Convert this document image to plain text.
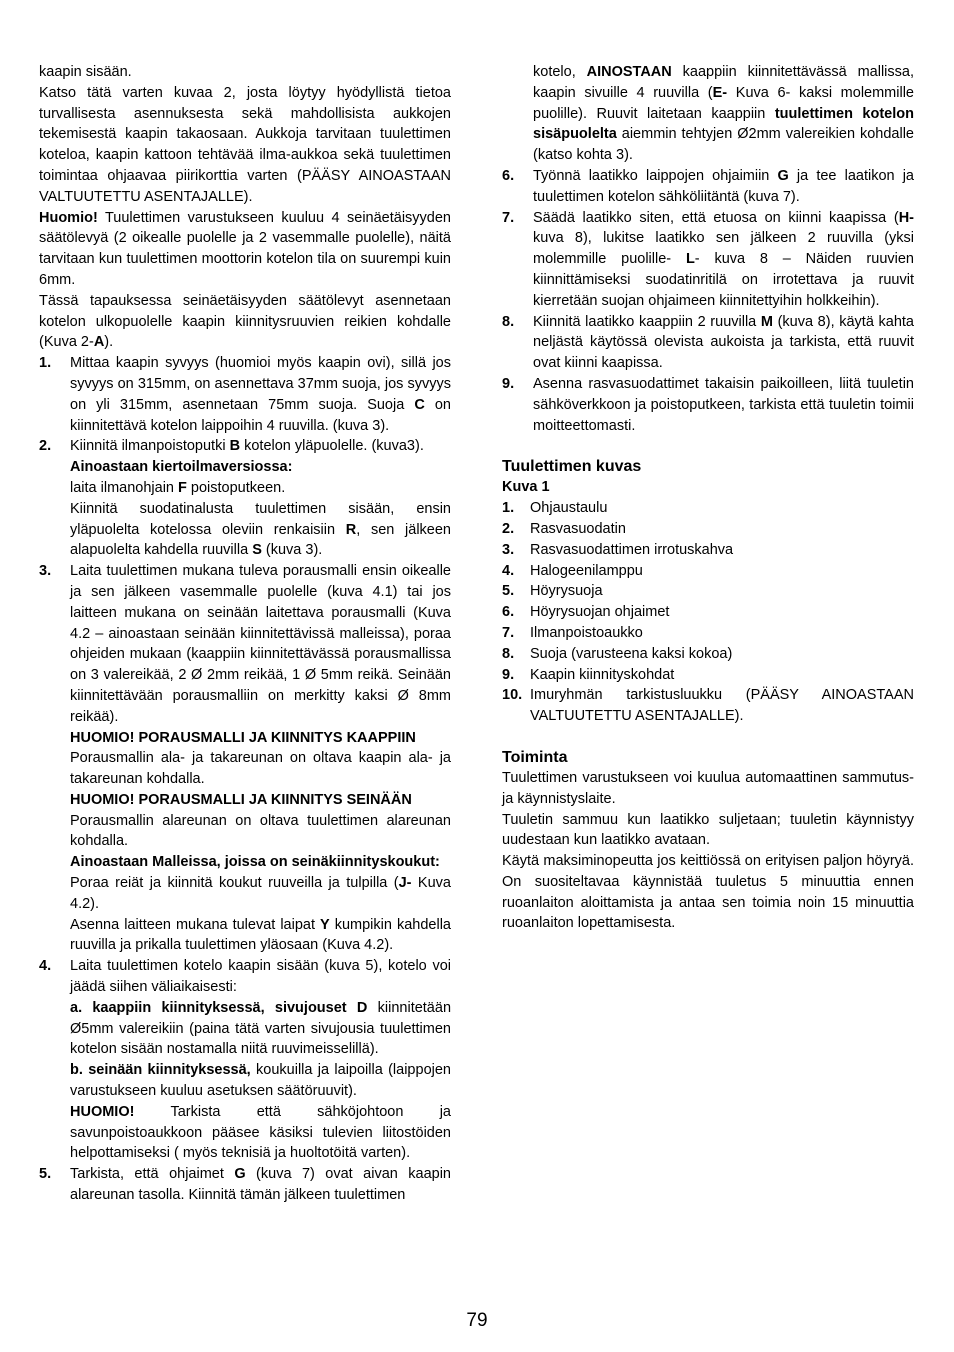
kaapin sisään.

Katso tätä varten kuvaa 2, josta löytyy hyödyllistä tietoa turvallisesta asennuksesta sekä mahdollisista aukkojen tekemisestä kaapin takaosaan. Aukkoja tarvitaan tuulettimen koteloa, kaapin kattoon tehtävää ilma-aukkoa sekä tuulettimen toimintaa ohjaavaa piirikorttia varten (PÄÄSY AINOASTAAN VALTUUTETTU ASENTAJALLE).

Huomio! Tuulettimen varustukseen kuuluu 4 seinäetäisyyden säätölevyä (2 oikealle puolelle ja 2 vasemmalle puolelle), näitä tarvitaan kun tuulettimen moottorin kotelon tila on suurempi kuin 6mm.

Tässä tapauksessa seinäetäisyyden säätölevyt asennetaan kotelon ulkopuolelle kaapin kiinnitysruuvien reikien kohdalle (Kuva 2-A).

1.	Mittaa kaapin syvyys (huomioi myös kaapin ovi), sillä jos syvyys on 315mm, on asennettava 37mm suoja, jos syvyys on yli 315mm, asennetaan 75mm suoja. Suoja C on kiinnitettävä kotelon laippoihin 4 ruuvilla. (kuva 3).

2.	Kiinnitä ilmanpoistoputki B kotelon yläpuolelle. (kuva3).

Ainoastaan kiertoilmaversiossa:

laita ilmanohjain F poistoputkeen.

Kiinnitä suodatinalusta tuulettimen sisään, ensin yläpuolelta kotelossa oleviin renkaisiin R, sen jälkeen alapuolelta kahdella ruuvilla S (kuva 3).

3.	Laita tuulettimen mukana tuleva porausmalli ensin oikealle ja sen jälkeen vasemmalle puolelle (kuva 4.1) tai jos laitteen mukana on seinään laitettava porausmalli (Kuva 4.2 – ainoastaan seinään kiinnitettävissä malleissa), poraa ohjeiden mukaan (kaappiin kiinnitettävässä porausmallissa on 3 valereikää, 2 Ø 2mm reikää, 1 Ø 5mm reikä. Seinään kiinnitettävään porausmalliin on merkitty kaksi Ø 8mm reikää).

HUOMIO! PORAUSMALLI JA KIINNITYS KAAPPIIN

Porausmallin ala- ja takareunan on oltava kaapin ala- ja takareunan kohdalla.

HUOMIO! PORAUSMALLI JA KIINNITYS SEINÄÄN

Porausmallin alareunan on oltava tuulettimen alareunan kohdalla.

Ainoastaan Malleissa, joissa on seinäkiinnityskoukut:

Poraa reiät ja kiinnitä koukut ruuveilla ja tulpilla (J- Kuva 4.2).

Asenna laitteen mukana tulevat laipat Y kumpikin kahdella ruuvilla ja prikalla tuulettimen yläosaan (Kuva 4.2).

4.	Laita tuulettimen kotelo kaapin sisään (kuva 5), kotelo voi jäädä siihen väliaikaisesti:

a. kaappiin kiinnityksessä, sivujouset D kiinnitetään Ø5mm valereikiin (paina tätä varten sivujousia tuulettimen kotelon sisään nostamalla niitä ruuvimeisselillä).

b. seinään kiinnityksessä, koukuilla ja laipoilla (laippojen varustukseen kuuluu asetuksen säätöruuvit).

HUOMIO! Tarkista että sähköjohtoon ja savunpoistoaukkoon pääsee käsiksi tulevien liitostöiden helpottamiseksi ( myös teknisiä ja huoltotöitä varten).

5.	Tarkista, että ohjaimet G (kuva 7) ovat aivan kaapin alareunan tasolla. Kiinnitä tämän jälkeen tuulettimen

kotelo, AINOSTAAN kaappiin kiinnitettävässä mallissa, kaapin sivuille 4 ruuvilla (E- Kuva 6- kaksi molemmille puolille). Ruuvit laitetaan kaappiin tuulettimen kotelon sisäpuolelta aiemmin tehtyjen Ø2mm valereikien kohdalle (katso kohta 3).

6.	Työnnä laatikko laippojen ohjaimiin G ja tee laatikon ja tuulettimen kotelon sähköliitäntä (kuva 7).

7.	Säädä laatikko siten, että etuosa on kiinni kaapissa (H- kuva 8), lukitse laatikko sen jälkeen 2 ruuvilla (yksi molemmille puolille- L- kuva 8 – Näiden ruuvien kiinnittämiseksi suodatinritilä on irrotettava ja ruuvit kierretään suojan ohjaimeen kiinnitettyihin holkkeihin).

8.	Kiinnitä laatikko kaappiin 2 ruuvilla M (kuva 8), käytä kahta neljästä käytössä olevista aukoista ja tarkista, että ruuvit ovat kiinni kaapissa.

9.	Asenna rasvasuodattimet takaisin paikoilleen, liitä tuuletin sähköverkkoon ja poistoputkeen, tarkista että tuuletin toimii moitteettomasti.

Tuulettimen kuvas

Kuva 1

1.	Ohjaustaulu
2.	Rasvasuodatin
3.	Rasvasuodattimen irrotuskahva
4.	Halogeenilamppu
5.	Höyrysuoja
6.	Höyrysuojan ohjaimet
7.	Ilmanpoistoaukko
8.	Suoja (varusteena kaksi kokoa)
9.	Kaapin kiinnityskohdat
10. Imuryhmän tarkistusluukku (PÄÄSY AINOASTAAN VALTUUTETTU ASENTAJALLE).
Toiminta

Tuulettimen varustukseen voi kuulua automaattinen sammutus- ja käynnistyslaite.

Tuuletin sammuu kun laatikko suljetaan; tuuletin käynnistyy uudestaan kun laatikko avataan.

Käytä maksiminopeutta jos keittiössä on erityisen paljon höyryä. On suositeltavaa käynnistää tuuletus 5 minuuttia ennen ruoanlaiton aloittamista ja antaa sen toimia noin 15 minuuttia ruoanlaiton lopettamisesta.

79
